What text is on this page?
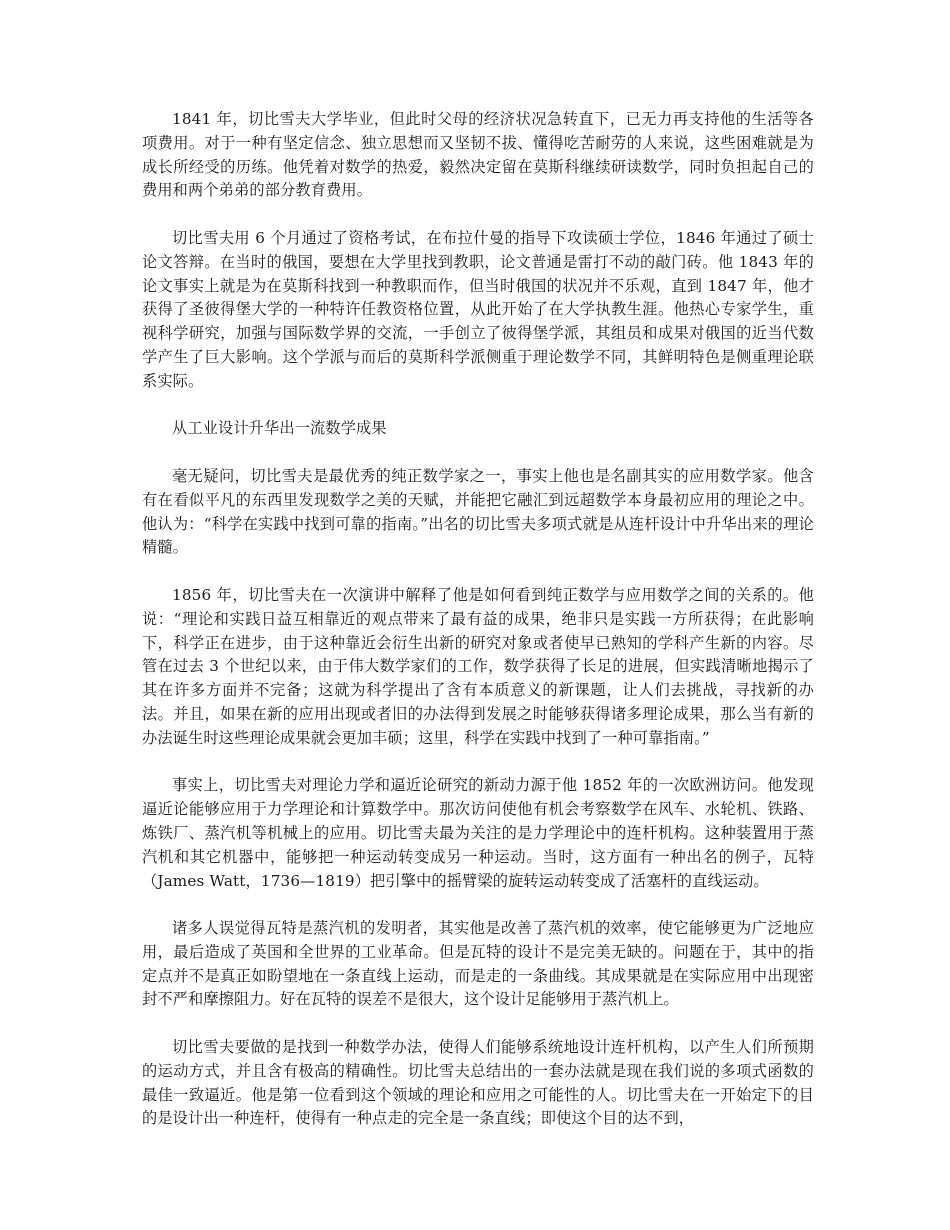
1841 年，切比雪夫大学毕业，但此时父母的经济状况急转直下，已无力再支持他的生活等各项费用。对于一种有坚定信念、独立思想而又坚韧不拔、懂得吃苦耐劳的人来说，这些困难就是为成长所经受的历练。他凭着对数学的热爱，毅然决定留在莫斯科继续研读数学，同时负担起自己的费用和两个弟弟的部分教育费用。

切比雪夫用 6 个月通过了资格考试，在布拉什曼的指导下攻读硕士学位，1846 年通过了硕士论文答辩。在当时的俄国，要想在大学里找到教职，论文普通是雷打不动的敲门砖。他 1843 年的论文事实上就是为在莫斯科找到一种教职而作，但当时俄国的状况并不乐观，直到 1847 年，他才获得了圣彼得堡大学的一种特许任教资格位置，从此开始了在大学执教生涯。他热心专家学生，重视科学研究，加强与国际数学界的交流，一手创立了彼得堡学派，其组员和成果对俄国的近当代数学产生了巨大影响。这个学派与而后的莫斯科学派侧重于理论数学不同，其鲜明特色是侧重理论联系实际。

从工业设计升华出一流数学成果

毫无疑问，切比雪夫是最优秀的纯正数学家之一，事实上他也是名副其实的应用数学家。他含有在看似平凡的东西里发现数学之美的天赋，并能把它融汇到远超数学本身最初应用的理论之中。他认为：“科学在实践中找到可靠的指南。”出名的切比雪夫多项式就是从连杆设计中升华出来的理论精髓。

1856 年，切比雪夫在一次演讲中解释了他是如何看到纯正数学与应用数学之间的关系的。他说：“理论和实践日益互相靠近的观点带来了最有益的成果，绝非只是实践一方所获得；在此影响下，科学正在进步，由于这种靠近会衍生出新的研究对象或者使早已熟知的学科产生新的内容。尽管在过去 3 个世纪以来，由于伟大数学家们的工作，数学获得了长足的进展，但实践清晰地揭示了其在许多方面并不完备；这就为科学提出了含有本质意义的新课题，让人们去挑战，寻找新的办法。并且，如果在新的应用出现或者旧的办法得到发展之时能够获得诸多理论成果，那么当有新的办法诞生时这些理论成果就会更加丰硕；这里，科学在实践中找到了一种可靠指南。”

事实上，切比雪夫对理论力学和逼近论研究的新动力源于他 1852 年的一次欧洲访问。他发现逼近论能够应用于力学理论和计算数学中。那次访问使他有机会考察数学在风车、水轮机、铁路、炼铁厂、蒸汽机等机械上的应用。切比雪夫最为关注的是力学理论中的连杆机构。这种装置用于蒸汽机和其它机器中，能够把一种运动转变成另一种运动。当时，这方面有一种出名的例子，瓦特（James Watt，1736—1819）把引擎中的摇臂梁的旋转运动转变成了活塞杆的直线运动。

诸多人误觉得瓦特是蒸汽机的发明者，其实他是改善了蒸汽机的效率，使它能够更为广泛地应用，最后造成了英国和全世界的工业革命。但是瓦特的设计不是完美无缺的。问题在于，其中的指定点并不是真正如盼望地在一条直线上运动，而是走的一条曲线。其成果就是在实际应用中出现密封不严和摩擦阻力。好在瓦特的误差不是很大，这个设计足能够用于蒸汽机上。

切比雪夫要做的是找到一种数学办法，使得人们能够系统地设计连杆机构，以产生人们所预期的运动方式，并且含有极高的精确性。切比雪夫总结出的一套办法就是现在我们说的多项式函数的最佳一致逼近。他是第一位看到这个领域的理论和应用之可能性的人。切比雪夫在一开始定下的目的是设计出一种连杆，使得有一种点走的完全是一条直线；即使这个目的达不到，
